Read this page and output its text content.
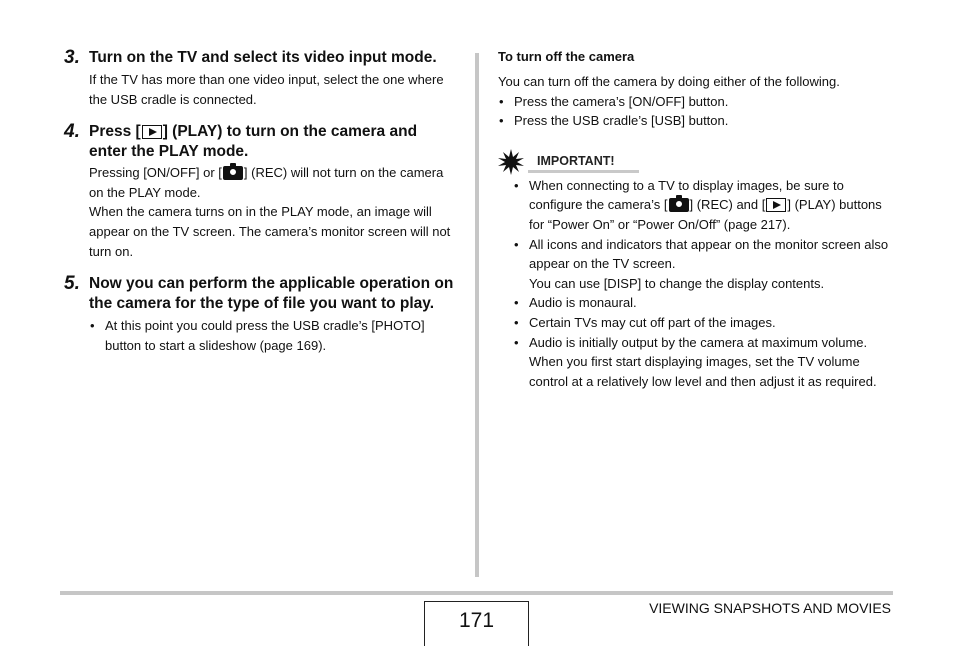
3. Turn on the TV and select its video input mode.

If the TV has more than one video input, select the one where the USB cradle is connected.

4. Press [ ] (PLAY) to turn on the camera and enter the PLAY mode.

Pressing [ON/OFF] or [ ] (REC) will not turn on the camera on the PLAY mode.

When the camera turns on in the PLAY mode, an image will appear on the TV screen. The camera’s monitor screen will not turn on.

5. Now you can perform the applicable operation on the camera for the type of file you want to play.
• At this point you could press the USB cradle’s [PHOTO] button to start a slideshow (page 169).
To turn off the camera
You can turn off the camera by doing either of the following.
• Press the camera’s [ON/OFF] button.
• Press the USB cradle’s [USB] button.
IMPORTANT!
• When connecting to a TV to display images, be sure to configure the camera’s [ ] (REC) and [ ] (PLAY) buttons for “Power On” or “Power On/Off” (page 217).
• All icons and indicators that appear on the monitor screen also appear on the TV screen.
You can use [DISP] to change the display contents.
• Audio is monaural.
• Certain TVs may cut off part of the images.
• Audio is initially output by the camera at maximum volume. When you first start displaying images, set the TV volume control at a relatively low level and then adjust it as required.
171
VIEWING SNAPSHOTS AND MOVIES
